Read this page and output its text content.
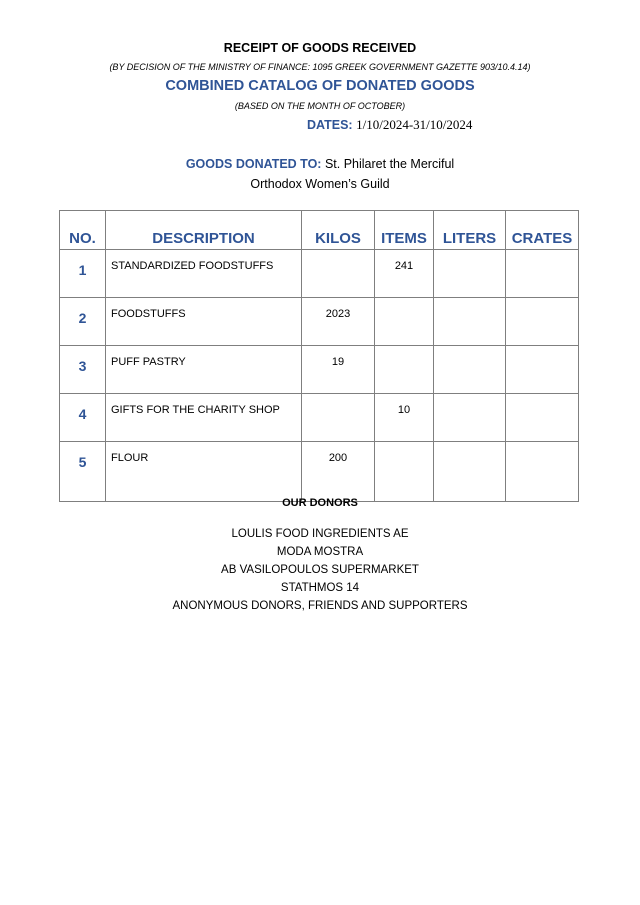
RECEIPT OF GOODS RECEIVED
(BY DECISION OF THE MINISTRY OF FINANCE: 1095 GREEK GOVERNMENT GAZETTE 903/10.4.14)
COMBINED CATALOG OF DONATED GOODS
(BASED ON THE MONTH OF OCTOBER)
DATES: 1/10/2024-31/10/2024
GOODS DONATED TO: St. Philaret the Merciful
Orthodox Women’s Guild
NO.	DESCRIPTION	KILOS	ITEMS	LITERS	CRATES
1	STANDARDIZED FOODSTUFFS		241		
2	FOODSTUFFS	2023			
3	PUFF PASTRY	19			
4	GIFTS FOR THE CHARITY SHOP		10		
5	FLOUR	200			
OUR DONORS
LOULIS FOOD INGREDIENTS AE
MODA MOSTRA
AB VASILOPOULOS SUPERMARKET
STATHMOS 14
ANONYMOUS DONORS, FRIENDS AND SUPPORTERS
